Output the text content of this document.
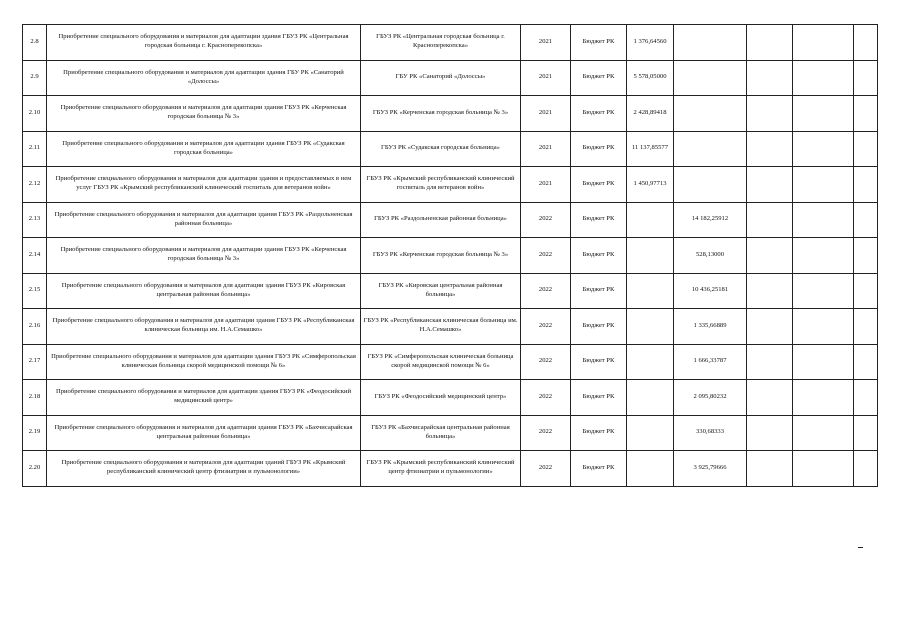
2.8	Приобретение специального оборудования и материалов для адаптации здания ГБУЗ РК «Центральная городская больница г. Красноперекопска»	ГБУЗ РК «Центральная городская больница г. Красноперекопска»	2021	Бюджет РК	1 376,64560				
2.9	Приобретение специального оборудования и материалов для адаптации здания ГБУ РК «Санаторий «Долоссы»	ГБУ РК «Санаторий «Долоссы»	2021	Бюджет РК	5 578,05000				
2.10	Приобретение специального оборудования и материалов для адаптации здания ГБУЗ РК «Керченская городская больница № 3»	ГБУЗ РК «Керченская городская больница № 3»	2021	Бюджет РК	2 428,89418				
2.11	Приобретение специального оборудования и материалов для адаптации здания ГБУЗ РК «Судакская городская больница»	ГБУЗ РК «Судакская городская больница»	2021	Бюджет РК	11 137,85577				
2.12	Приобретение специального оборудования и материалов для адаптации здания и предоставляемых в нем услуг ГБУЗ РК «Крымский республиканский клинический госпиталь для ветеранов войн»	ГБУЗ РК «Крымский республиканский клинический госпиталь для ветеранов войн»	2021	Бюджет РК	1 450,97713				
2.13	Приобретение специального оборудования и материалов для адаптации здания ГБУЗ РК «Раздольненская районная больница»	ГБУЗ РК «Раздольненская районная больница»	2022	Бюджет РК		14 182,25912			
2.14	Приобретение специального оборудования и материалов для адаптации здания ГБУЗ РК «Керченская городская больница № 3»	ГБУЗ РК «Керченская городская больница № 3»	2022	Бюджет РК		528,13000			
2.15	Приобретение специального оборудования и материалов для адаптации здания ГБУЗ РК «Кировская центральная районная больница»	ГБУЗ РК «Кировская центральная районная больница»	2022	Бюджет РК		10 436,25181			
2.16	Приобретение специального оборудования и материалов для адаптации здания ГБУЗ РК «Республиканская клиническая больница им. Н.А.Семашко»	ГБУЗ РК «Республиканская клиническая больница им. Н.А.Семашко»	2022	Бюджет РК		1 335,66889			
2.17	Приобретение специального оборудования и материалов для адаптации здания ГБУЗ РК «Симферопольская клиническая больница скорой медицинской помощи № 6»	ГБУЗ РК «Симферопольская клиническая больница скорой медицинской помощи № 6»	2022	Бюджет РК		1 666,33787			
2.18	Приобретение специального оборудования и материалов для адаптации здания ГБУЗ РК «Феодосийский медицинский центр»	ГБУЗ РК «Феодосийский медицинский центр»	2022	Бюджет РК		2 095,80232			
2.19	Приобретение специального оборудования и материалов для адаптации здания ГБУЗ РК «Бахчисарайская центральная районная больница»	ГБУЗ РК «Бахчисарайская центральная районная больница»	2022	Бюджет РК		330,68333			
2.20	Приобретение специального оборудования и материалов для адаптации зданий ГБУЗ РК «Крымский республиканский клинический центр фтизиатрии и пульмонологии»	ГБУЗ РК «Крымский республиканский клинический центр фтизиатрии и пульмонологии»	2022	Бюджет РК		3 925,79666			
